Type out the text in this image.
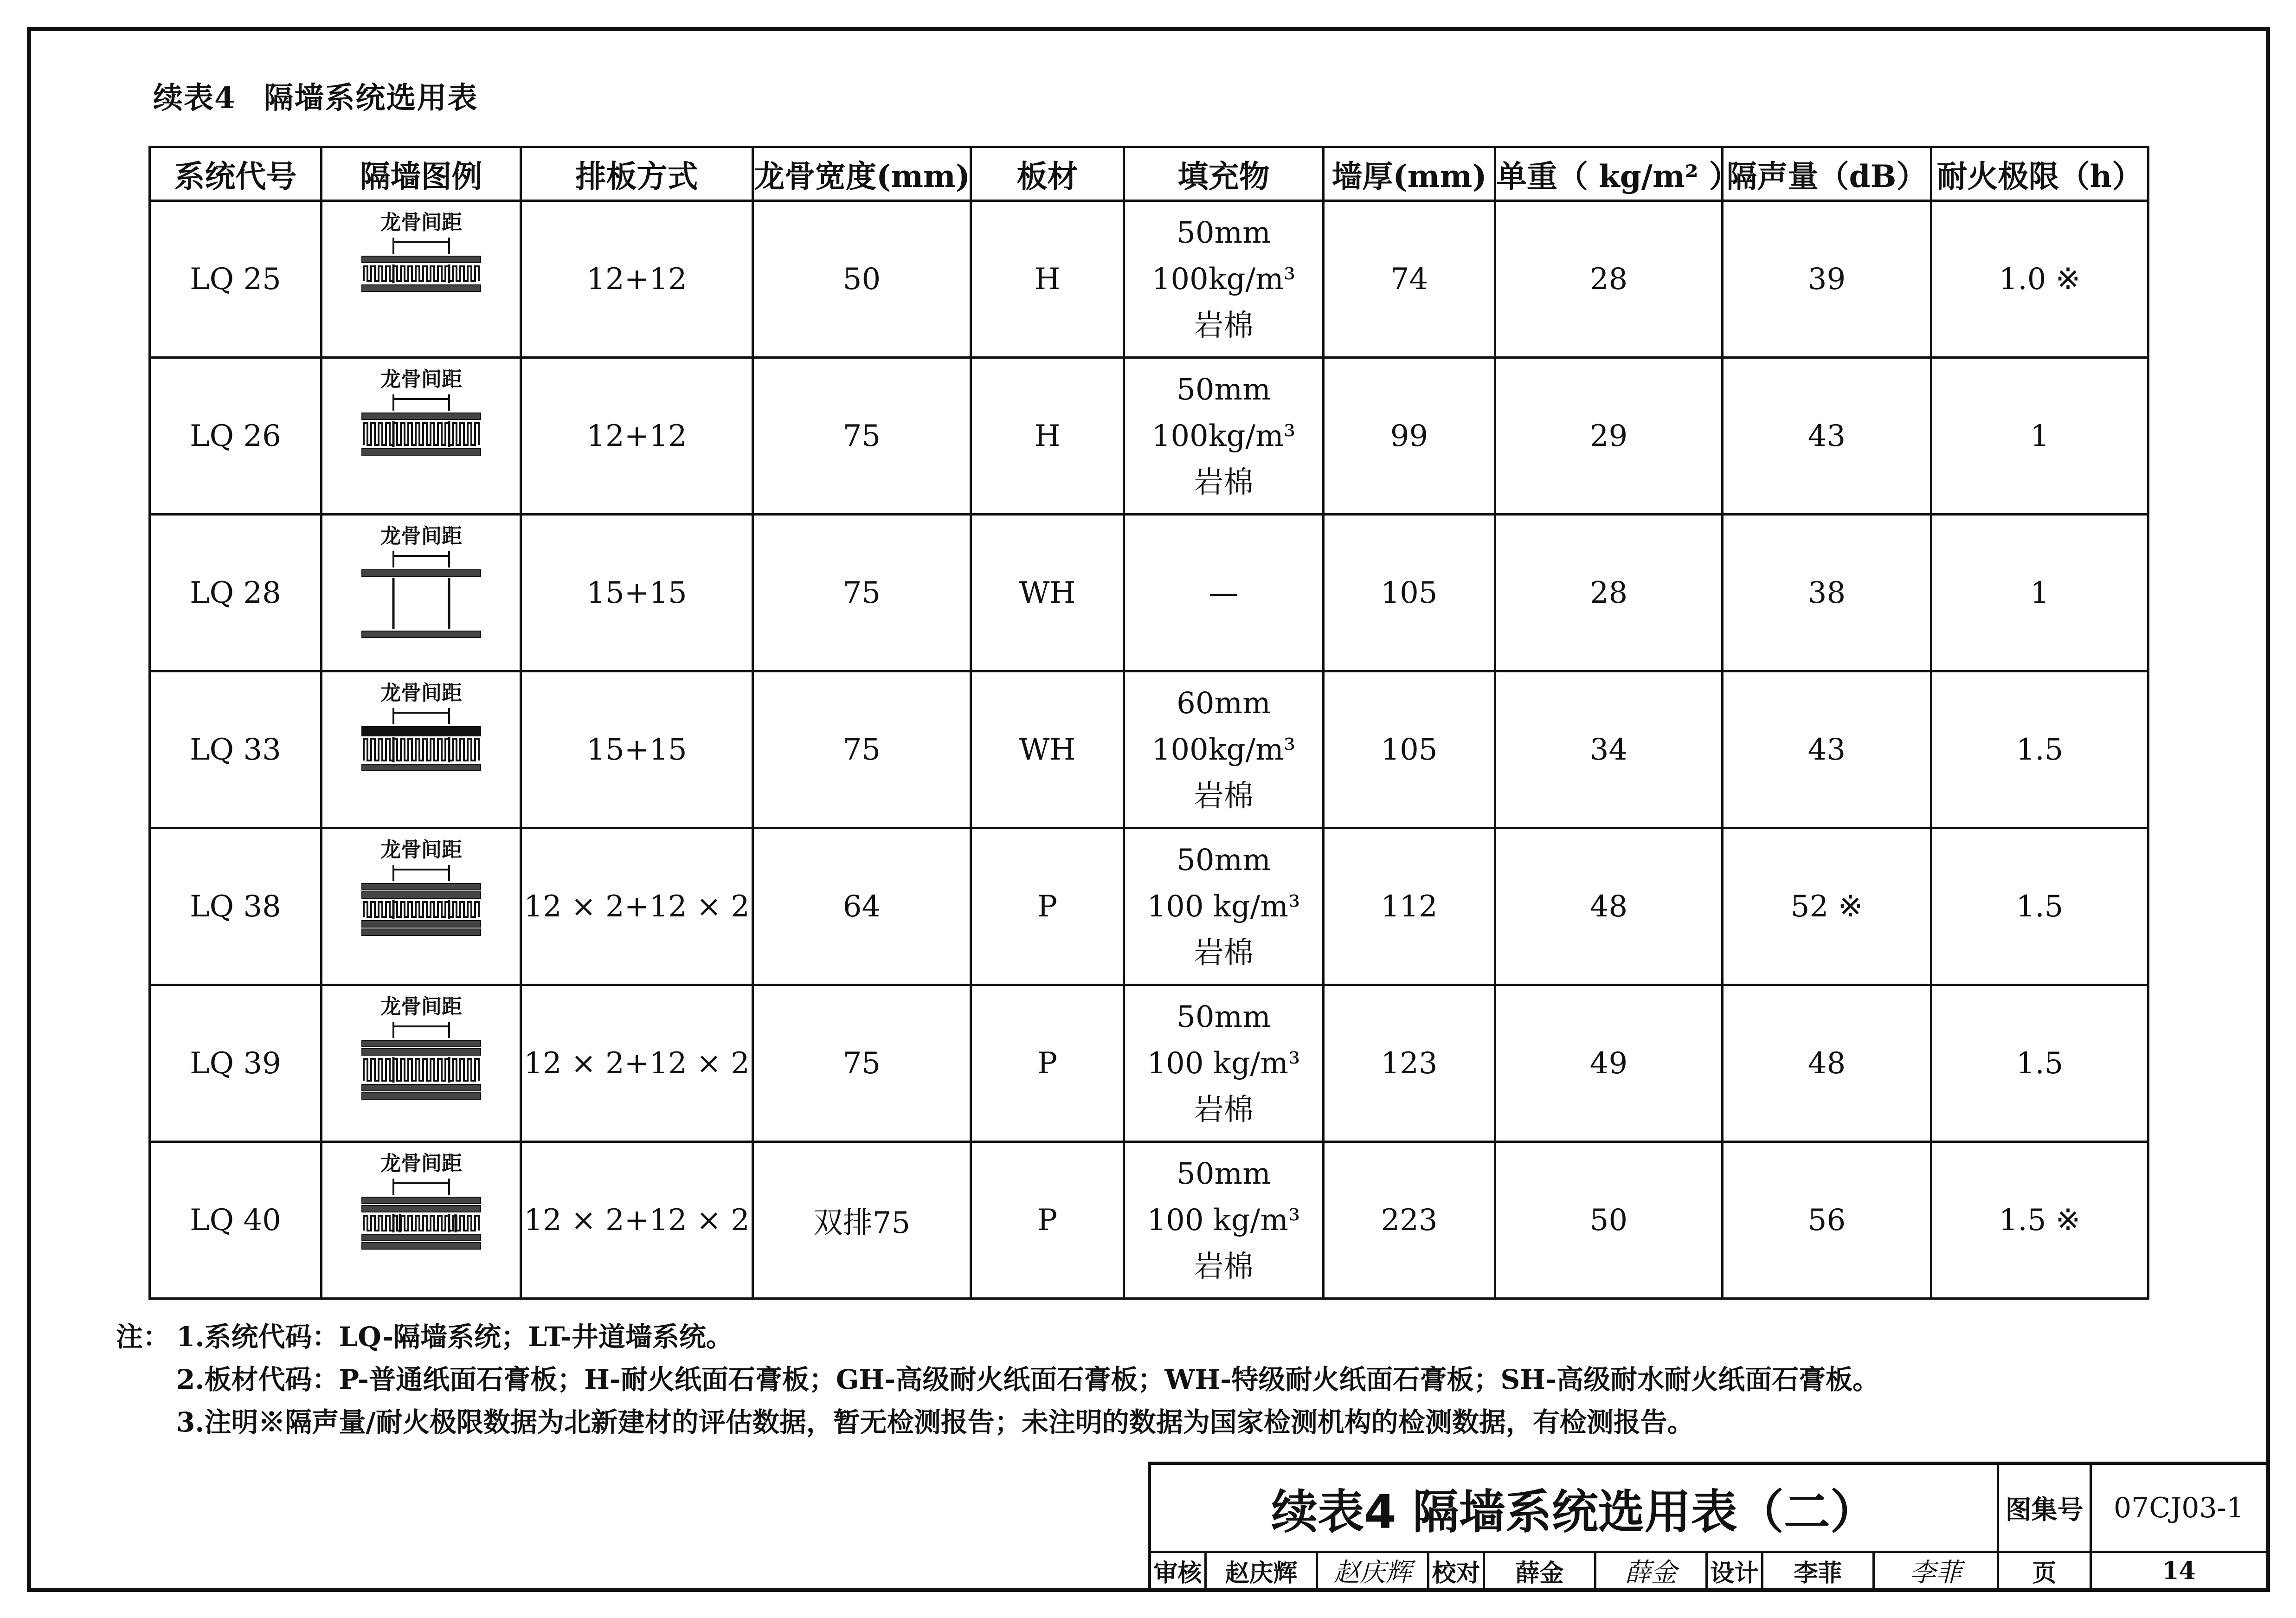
续表4 隔墙系统选用表
系统代号	隔墙图例	排板方式	龙骨宽度(mm)	板材	填充物	墙厚(mm)	单重（ kg/m² ）	隔声量（dB）	耐火极限（h）
LQ 25	龙骨间距	12+12	50	H	50mm
100kg/m³
岩棉	74	28	39	1.0 ※
LQ 26	龙骨间距	12+12	75	H	50mm
100kg/m³
岩棉	99	29	43	1
LQ 28	龙骨间距	15+15	75	WH	—	105	28	38	1
LQ 33	龙骨间距	15+15	75	WH	60mm
100kg/m³
岩棉	105	34	43	1.5
LQ 38	龙骨间距	12 × 2+12 × 2	64	P	50mm
100 kg/m³
岩棉	112	48	52 ※	1.5
LQ 39	龙骨间距	12 × 2+12 × 2	75	P	50mm
100 kg/m³
岩棉	123	49	48	1.5
LQ 40	龙骨间距	12 × 2+12 × 2	双排75	P	50mm
100 kg/m³
岩棉	223	50	56	1.5 ※
注： 1.系统代码：LQ-隔墙系统；LT-井道墙系统。
2.板材代码：P-普通纸面石膏板；H-耐火纸面石膏板；GH-高级耐火纸面石膏板；WH-特级耐火纸面石膏板；SH-高级耐水耐火纸面石膏板。
3.注明※隔声量/耐火极限数据为北新建材的评估数据，暂无检测报告；未注明的数据为国家检测机构的检测数据，有检测报告。
续表4 隔墙系统选用表（二）	图集号	07CJ03-1
审核 赵庆辉	赵庆辉 校对	薛金	薛金	设计	李菲	李菲	页	14
